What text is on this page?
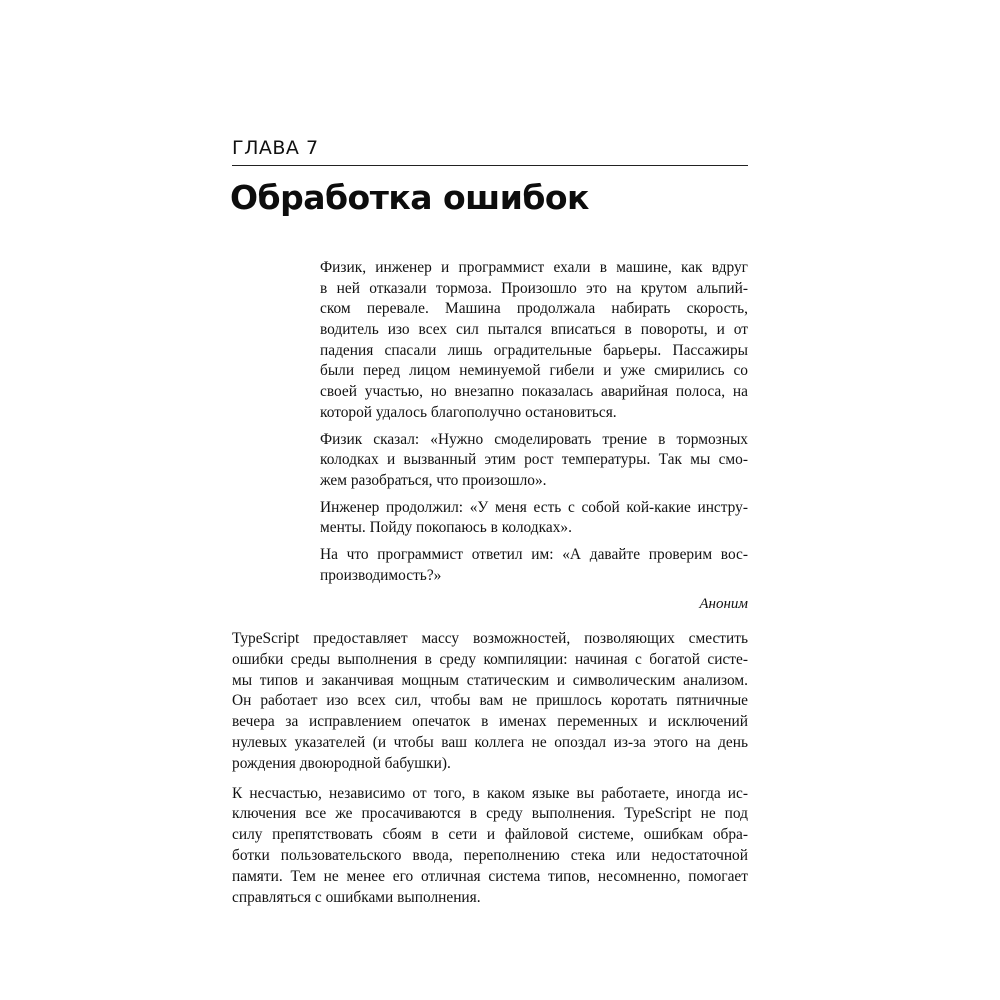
ГЛАВА 7
Обработка ошибок
Физик, инженер и программист ехали в машине, как вдруг
в ней отказали тормоза. Произошло это на крутом альпий-
ском перевале. Машина продолжала набирать скорость,
водитель изо всех сил пытался вписаться в повороты, и от
падения спасали лишь оградительные барьеры. Пассажиры
были перед лицом неминуемой гибели и уже смирились со
своей участью, но внезапно показалась аварийная полоса, на
которой удалось благополучно остановиться.
Физик сказал: «Нужно смоделировать трение в тормозных
колодках и вызванный этим рост температуры. Так мы смо-
жем разобраться, что произошло».
Инженер продолжил: «У меня есть с собой кой-какие инстру-
менты. Пойду покопаюсь в колодках».
На что программист ответил им: «А давайте проверим вос-
производимость?»
Аноним
TypeScript предоставляет массу возможностей, позволяющих сместить
ошибки среды выполнения в среду компиляции: начиная с богатой систе-
мы типов и заканчивая мощным статическим и символическим анализом.
Он работает изо всех сил, чтобы вам не пришлось коротать пятничные
вечера за исправлением опечаток в именах переменных и исключений
нулевых указателей (и чтобы ваш коллега не опоздал из-за этого на день
рождения двоюродной бабушки).
К несчастью, независимо от того, в каком языке вы работаете, иногда ис-
ключения все же просачиваются в среду выполнения. TypeScript не под
силу препятствовать сбоям в сети и файловой системе, ошибкам обра-
ботки пользовательского ввода, переполнению стека или недостаточной
памяти. Тем не менее его отличная система типов, несомненно, помогает
справляться с ошибками выполнения.
